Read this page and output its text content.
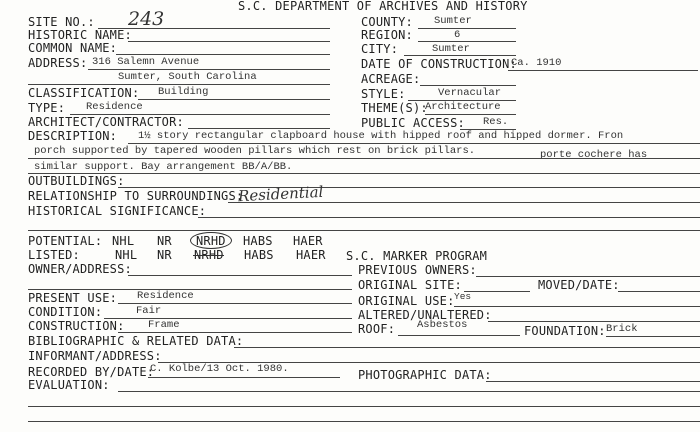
S.C. DEPARTMENT OF ARCHIVES AND HISTORY
SITE NO.: 243
HISTORIC NAME:
COMMON NAME:
ADDRESS: 316 Salemn Avenue
Sumter, South Carolina
CLASSIFICATION: Building
TYPE: Residence
ARCHITECT/CONTRACTOR:
COUNTY: Sumter
REGION:	6
CITY:	Sumter
DATE OF CONSTRUCTION:
Ca. 1910
ACREAGE:
STYLE:	Vernacular
THEME(S):
Architecture
PUBLIC ACCESS: Res.
DESCRIPTION: 1½ story rectangular clapboard house with hipped roof and hipped dormer. Fron
porch supported by tapered wooden pillars which rest on brick pillars.	porte cochere has
similar support. Bay arrangement BB/A/BB.
OUTBUILDINGS:
RELATIONSHIP TO SURROUNDINGS:
Residential
HISTORICAL SIGNIFICANCE:
POTENTIAL: NHL NR NRHD HABS HAER
LISTED:	NHL NR NRHD HABS HAER S.C. MARKER PROGRAM
OWNER/ADDRESS:	PREVIOUS OWNERS:
ORIGINAL SITE:	MOVED/DATE:
PRESENT USE: Residence	ORIGINAL USE: Yes
CONDITION:	Fair	ALTERED/UNALTERED:
CONSTRUCTION: Frame	ROOF: Asbestos	FOUNDATION: Brick
BIBLIOGRAPHIC & RELATED DATA:
INFORMANT/ADDRESS:
RECORDED BY/DATE:
C. Kolbe/13 Oct. 1980.	PHOTOGRAPHIC DATA:
EVALUATION:
